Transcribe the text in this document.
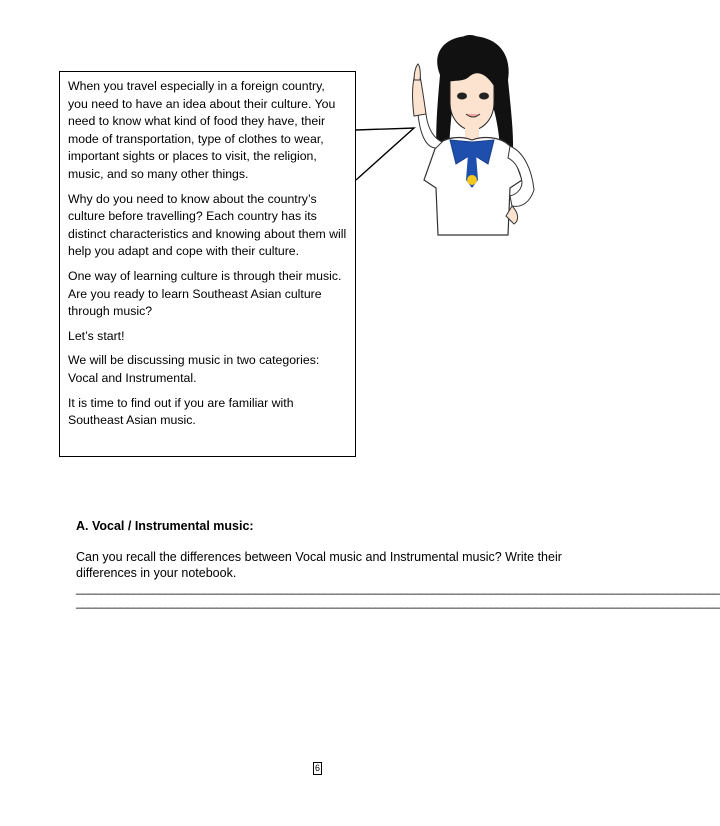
When you travel especially in a foreign country, you need to have an idea about their culture. You need to know what kind of food they have, their mode of transportation, type of clothes to wear, important sights or places to visit, the religion, music, and so many other things.

Why do you need to know about the country’s culture before travelling? Each country has its distinct characteristics and knowing about them will help you adapt and cope with their culture.

One way of learning culture is through their music. Are you ready to learn Southeast Asian culture through music?

Let’s start!

We will be discussing music in two categories: Vocal and Instrumental.

It is time to find out if you are familiar with Southeast Asian music.

A. Vocal / Instrumental music:

Can you recall the differences between Vocal music and Instrumental music? Write their differences in your notebook.

_____________________________________________________________________________________________________

_____________________________________________________________________________________________________

6
